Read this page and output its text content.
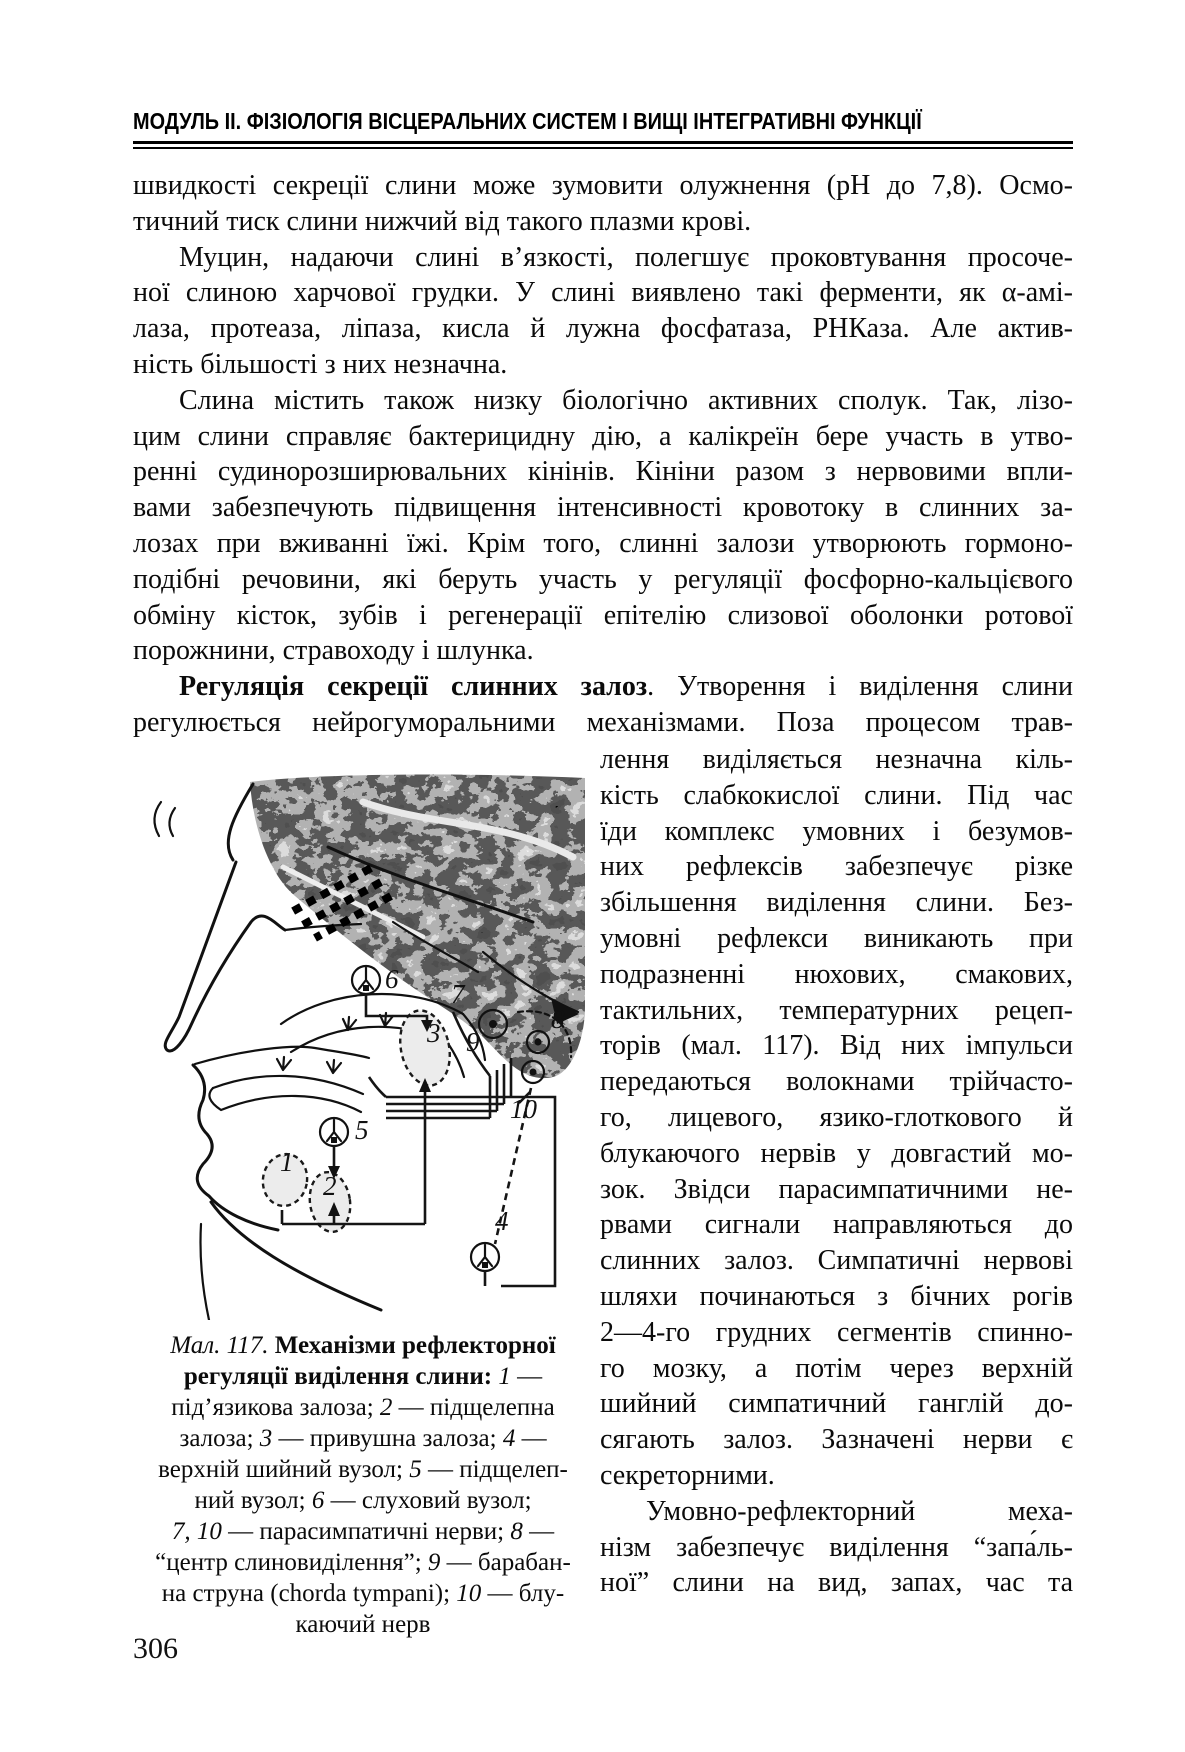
МОДУЛЬ II. ФІЗІОЛОГІЯ ВІСЦЕРАЛЬНИХ СИСТЕМ І ВИЩІ ІНТЕГРАТИВНІ ФУНКЦІЇ
швидкості секреції слини може зумовити олужнення (рН до 7,8). Осмо-
тичний тиск слини нижчий від такого плазми крові.
Муцин, надаючи слині в’язкості, полегшує проковтування просоче-
ної слиною харчової грудки. У слині виявлено такі ферменти, як α-амі-
лаза, протеаза, ліпаза, кисла й лужна фосфатаза, РНКаза. Але актив-
ність більшості з них незначна.
Слина містить також низку біологічно активних сполук. Так, лізо-
цим слини справляє бактерицидну дію, а калікреїн бере участь в утво-
ренні судинорозширювальних кінінів. Кініни разом з нервовими впли-
вами забезпечують підвищення інтенсивності кровотоку в слинних за-
лозах при вживанні їжі. Крім того, слинні залози утворюють гормоно-
подібні речовини, які беруть участь у регуляції фосфорно-кальцієвого
обміну кісток, зубів і регенерації епітелію слизової оболонки ротової
порожнини, стравоходу і шлунка.
Регуляція секреції слинних залоз. Утворення і виділення слини
регулюється нейрогуморальними механізмами. Поза процесом трав-
1
2
3
4
5
6 7
8
9
10
Мал. 117. Механізми рефлекторної
регуляції виділення слини: 1 —
під’язикова залоза; 2 — підщелепна
залоза; 3 — привушна залоза; 4 —
верхній шийний вузол; 5 — підщелеп-
ний вузол; 6 — слуховий вузол;
7, 10 — парасимпатичні нерви; 8 —
“центр слиновиділення”; 9 — барабан-
на струна (chorda tympani); 10 — блу-
каючий нерв
лення виділяється незначна кіль-
кість слабкокислої слини. Під час
їди комплекс умовних і безумов-
них рефлексів забезпечує різке
збільшення виділення слини. Без-
умовні рефлекси виникають при
подразненні нюхових, смакових,
тактильних, температурних рецеп-
торів (мал. 117). Від них імпульси
передаються волокнами трійчасто-
го, лицевого, язико-глоткового й
блукаючого нервів у довгастий мо-
зок. Звідси парасимпатичними не-
рвами сигнали направляються до
слинних залоз. Симпатичні нервові
шляхи починаються з бічних рогів
2—4-го грудних сегментів спинно-
го мозку, а потім через верхній
шийний симпатичний ганглій до-
сягають залоз. Зазначені нерви є
секреторними.
Умовно-рефлекторний меха-
нізм забезпечує виділення “запа́ль-
ної” слини на вид, запах, час та
306
